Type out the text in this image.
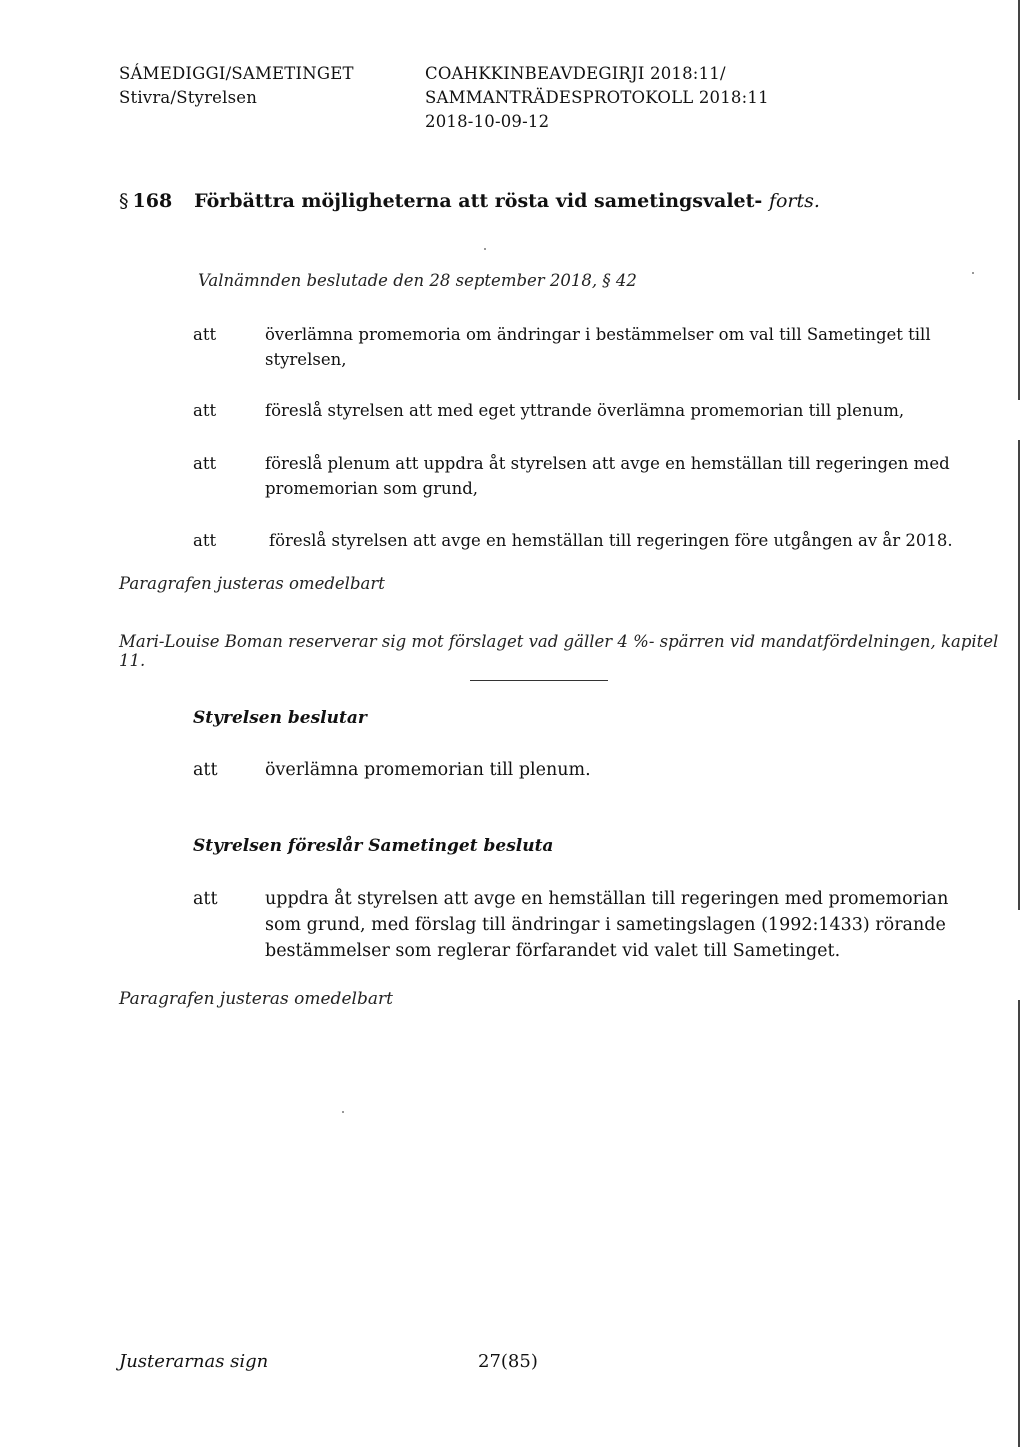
SÁMEDIGGI/SAMETINGET
Stivra/Styrelsen
COAHKKINBEAVDEGIRJI 2018:11/
SAMMANTRÄDESPROTOKOLL 2018:11
2018-10-09-12
§ 168 Förbättra möjligheterna att rösta vid sametingsvalet- forts.
Valnämnden beslutade den 28 september 2018, § 42
att	överlämna promemoria om ändringar i bestämmelser om val till Sametinget till styrelsen,
att	föreslå styrelsen att med eget yttrande överlämna promemorian till plenum,
att	föreslå plenum att uppdra åt styrelsen att avge en hemställan till regeringen med promemorian som grund,
att	föreslå styrelsen att avge en hemställan till regeringen före utgången av år 2018.
Paragrafen justeras omedelbart
Mari-Louise Boman reserverar sig mot förslaget vad gäller 4 %- spärren vid mandatfördelningen, kapitel 11.
Styrelsen beslutar
att	överlämna promemorian till plenum.
Styrelsen föreslår Sametinget besluta
att	uppdra åt styrelsen att avge en hemställan till regeringen med promemorian som grund, med förslag till ändringar i sametingslagen (1992:1433) rörande bestämmelser som reglerar förfarandet vid valet till Sametinget.
Paragrafen justeras omedelbart
Justerarnas sign	27(85)
